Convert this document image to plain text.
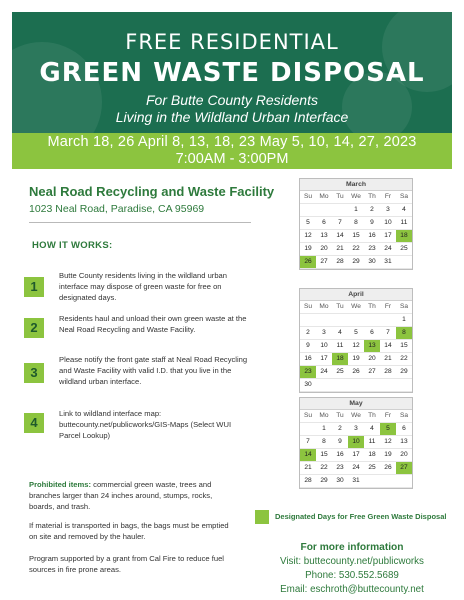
FREE RESIDENTIAL
GREEN WASTE DISPOSAL
For Butte County Residents
Living in the Wildland Urban Interface
March 18, 26 April 8, 13, 18, 23 May 5, 10, 14, 27, 2023
7:00AM - 3:00PM
Neal Road Recycling and Waste Facility
1023 Neal Road, Paradise, CA 95969
HOW IT WORKS:
1
Butte County residents living in the wildland urban interface may dispose of green waste for free on designated days.
2
Residents haul and unload their own green waste at the Neal Road Recycling and Waste Facility.
3
Please notify the front gate staff at Neal Road Recycling and Waste Facility with valid I.D. that you live in the wildland urban interface.
4
Link to wildland interface map: buttecounty.net/publicworks/GIS-Maps (Select WUI Parcel Lookup)
Prohibited items: commercial green waste, trees and branches larger than 24 inches around, stumps, rocks, boards, and trash.
If material is transported in bags, the bags must be emptied on site and removed by the hauler.
Program supported by a grant from Cal Fire to reduce fuel sources in fire prone areas.
March
Su	Mo	Tu	We	Th	Fr	Sa
			1	2	3	4
5	6	7	8	9	10	11
12	13	14	15	16	17	18
19	20	21	22	23	24	25
26	27	28	29	30	31	
April
Su	Mo	Tu	We	Th	Fr	Sa
						1
2	3	4	5	6	7	8
9	10	11	12	13	14	15
16	17	18	19	20	21	22
23	24	25	26	27	28	29
30						
May
Su	Mo	Tu	We	Th	Fr	Sa
	1	2	3	4	5	6
7	8	9	10	11	12	13
14	15	16	17	18	19	20
21	22	23	24	25	26	27
28	29	30	31			
Designated Days for Free Green Waste Disposal
For more information
Visit: buttecounty.net/publicworks
Phone: 530.552.5689
Email: eschroth@buttecounty.net
